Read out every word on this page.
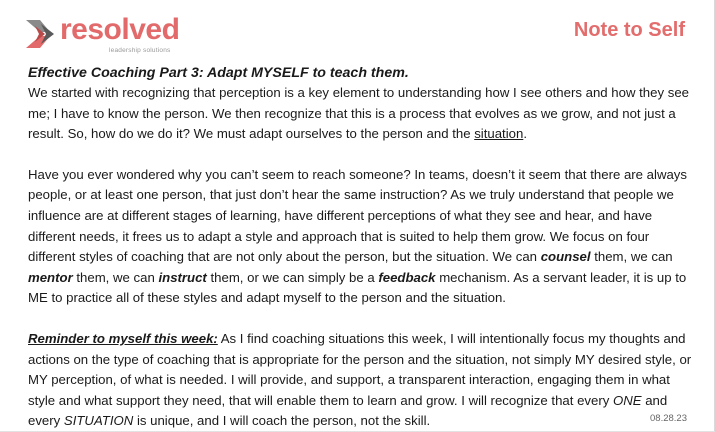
resolved
leadership solutions
Note to Self

Effective Coaching Part 3: Adapt MYSELF to teach them.

We started with recognizing that perception is a key element to understanding how I see others and how they see me; I have to know the person. We then recognize that this is a process that evolves as we grow, and not just a result. So, how do we do it? We must adapt ourselves to the person and the situation.

Have you ever wondered why you can’t seem to reach someone? In teams, doesn’t it seem that there are always people, or at least one person, that just don’t hear the same instruction? As we truly understand that people we influence are at different stages of learning, have different perceptions of what they see and hear, and have different needs, it frees us to adapt a style and approach that is suited to help them grow. We focus on four different styles of coaching that are not only about the person, but the situation. We can counsel them, we can mentor them, we can instruct them, or we can simply be a feedback mechanism. As a servant leader, it is up to ME to practice all of these styles and adapt myself to the person and the situation.

Reminder to myself this week: As I find coaching situations this week, I will intentionally focus my thoughts and actions on the type of coaching that is appropriate for the person and the situation, not simply MY desired style, or MY perception, of what is needed. I will provide, and support, a transparent interaction, engaging them in what style and what support they need, that will enable them to learn and grow. I will recognize that every ONE and every SITUATION is unique, and I will coach the person, not the skill.	08.28.23
